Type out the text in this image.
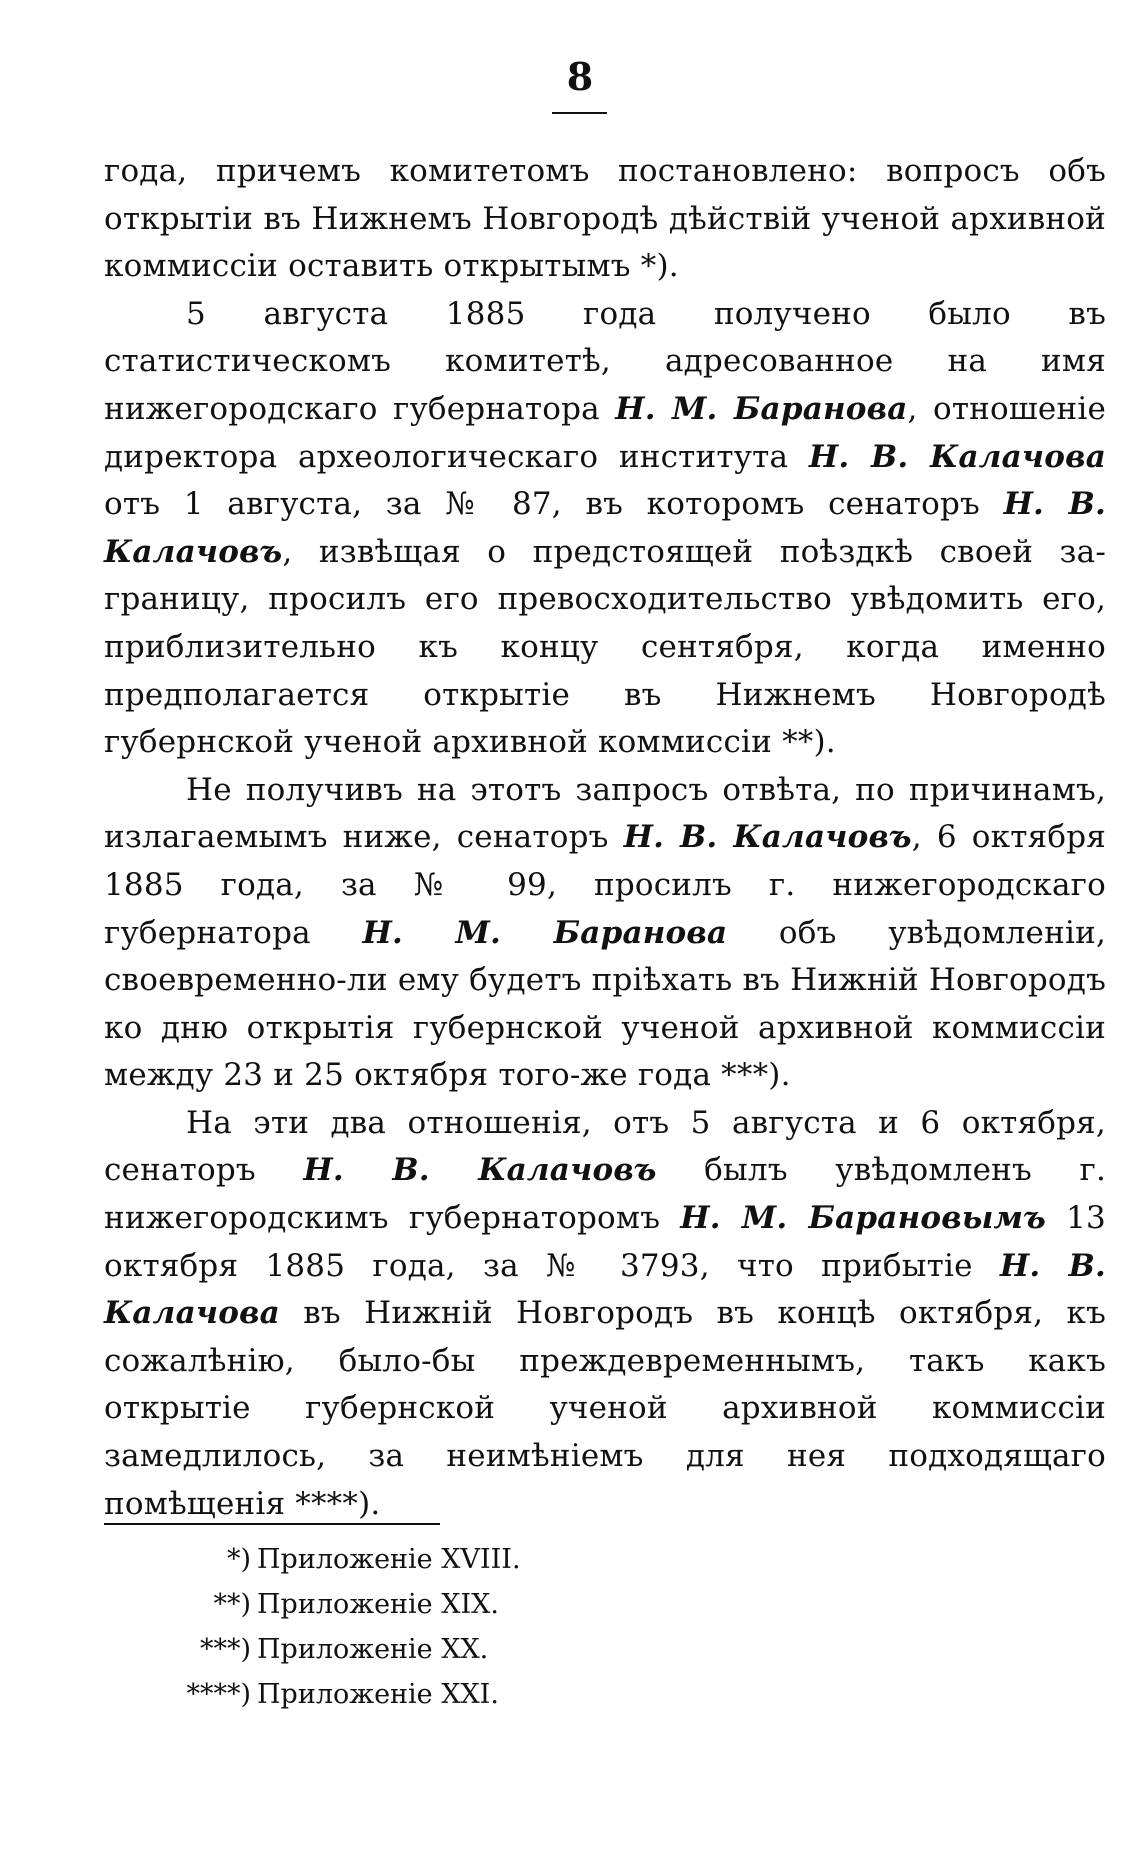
8

года, причемъ комитетомъ постановлено: вопросъ объ открытіи въ Нижнемъ Новгородѣ дѣйствій ученой архивной коммиссіи оставить открытымъ *).

5 августа 1885 года получено было въ статистическомъ комитетѣ, адресованное на имя нижегородскаго губернатора Н. М. Баранова, отношеніе директора археологическаго института Н. В. Калачова отъ 1 августа, за № 87, въ которомъ сенаторъ Н. В. Калачовъ, извѣщая о предстоящей поѣздкѣ своей за-границу, просилъ его превосходительство увѣдомить его, приблизительно къ концу сентября, когда именно предполагается открытіе въ Нижнемъ Новгородѣ губернской ученой архивной коммиссіи **).

Не получивъ на этотъ запросъ отвѣта, по причинамъ, излагаемымъ ниже, сенаторъ Н. В. Калачовъ, 6 октября 1885 года, за № 99, просилъ г. нижегородскаго губернатора Н. М. Баранова объ увѣдомленіи, своевременно-ли ему будетъ пріѣхать въ Нижній Новгородъ ко дню открытія губернской ученой архивной коммиссіи между 23 и 25 октября того-же года ***).

На эти два отношенія, отъ 5 августа и 6 октября, сенаторъ Н. В. Калачовъ былъ увѣдомленъ г. нижегородскимъ губернаторомъ Н. М. Барановымъ 13 октября 1885 года, за № 3793, что прибытіе Н. В. Калачова въ Нижній Новгородъ въ концѣ октября, къ сожалѣнію, было-бы преждевременнымъ, такъ какъ открытіе губернской ученой архивной коммиссіи замедлилось, за неимѣніемъ для нея подходящаго помѣщенія ****).

*) Приложеніе XVIII.
**) Приложеніе XIX.
***) Приложеніе XX.
****) Приложеніе XXI.
